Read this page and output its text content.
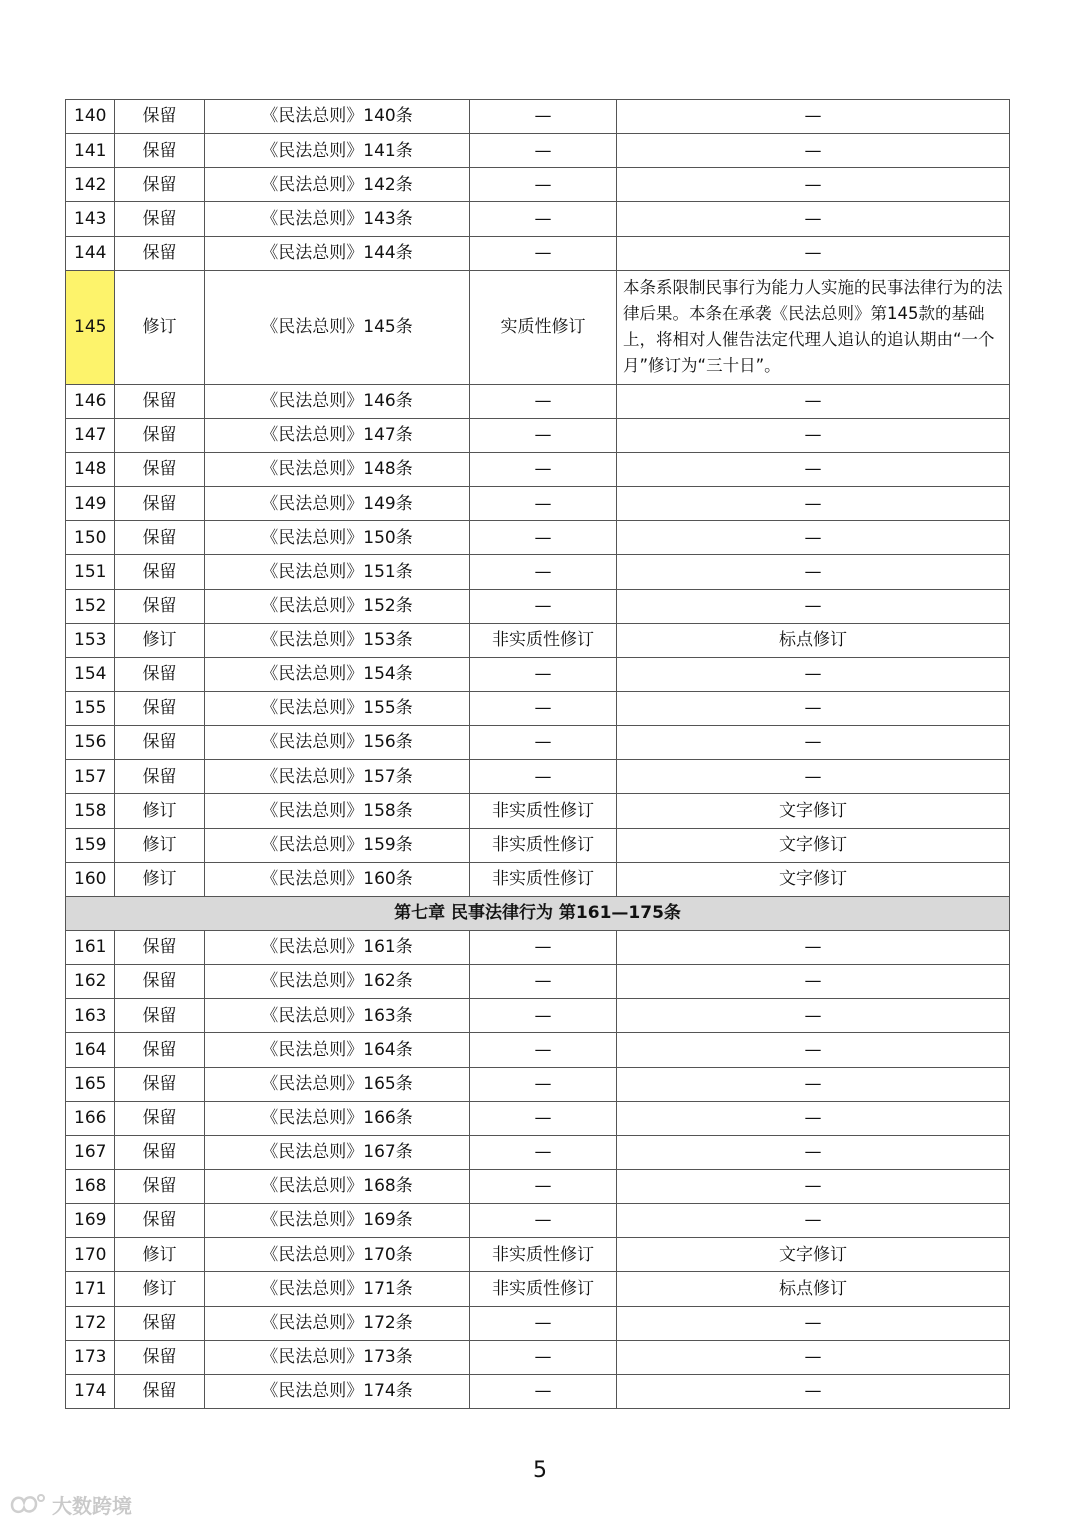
140	保留	《民法总则》140条	—	—
141	保留	《民法总则》141条	—	—
142	保留	《民法总则》142条	—	—
143	保留	《民法总则》143条	—	—
144	保留	《民法总则》144条	—	—
145	修订	《民法总则》145条	实质性修订	本条系限制民事行为能力人实施的民事法律行为的法律后果。本条在承袭《民法总则》第145款的基础上，将相对人催告法定代理人追认的追认期由“一个月”修订为“三十日”。
146	保留	《民法总则》146条	—	—
147	保留	《民法总则》147条	—	—
148	保留	《民法总则》148条	—	—
149	保留	《民法总则》149条	—	—
150	保留	《民法总则》150条	—	—
151	保留	《民法总则》151条	—	—
152	保留	《民法总则》152条	—	—
153	修订	《民法总则》153条	非实质性修订	标点修订
154	保留	《民法总则》154条	—	—
155	保留	《民法总则》155条	—	—
156	保留	《民法总则》156条	—	—
157	保留	《民法总则》157条	—	—
158	修订	《民法总则》158条	非实质性修订	文字修订
159	修订	《民法总则》159条	非实质性修订	文字修订
160	修订	《民法总则》160条	非实质性修订	文字修订
第七章 民事法律行为 第161—175条				
161	保留	《民法总则》161条	—	—
162	保留	《民法总则》162条	—	—
163	保留	《民法总则》163条	—	—
164	保留	《民法总则》164条	—	—
165	保留	《民法总则》165条	—	—
166	保留	《民法总则》166条	—	—
167	保留	《民法总则》167条	—	—
168	保留	《民法总则》168条	—	—
169	保留	《民法总则》169条	—	—
170	修订	《民法总则》170条	非实质性修订	文字修订
171	修订	《民法总则》171条	非实质性修订	标点修订
172	保留	《民法总则》172条	—	—
173	保留	《民法总则》173条	—	—
174	保留	《民法总则》174条	—	—
5
大数跨境
